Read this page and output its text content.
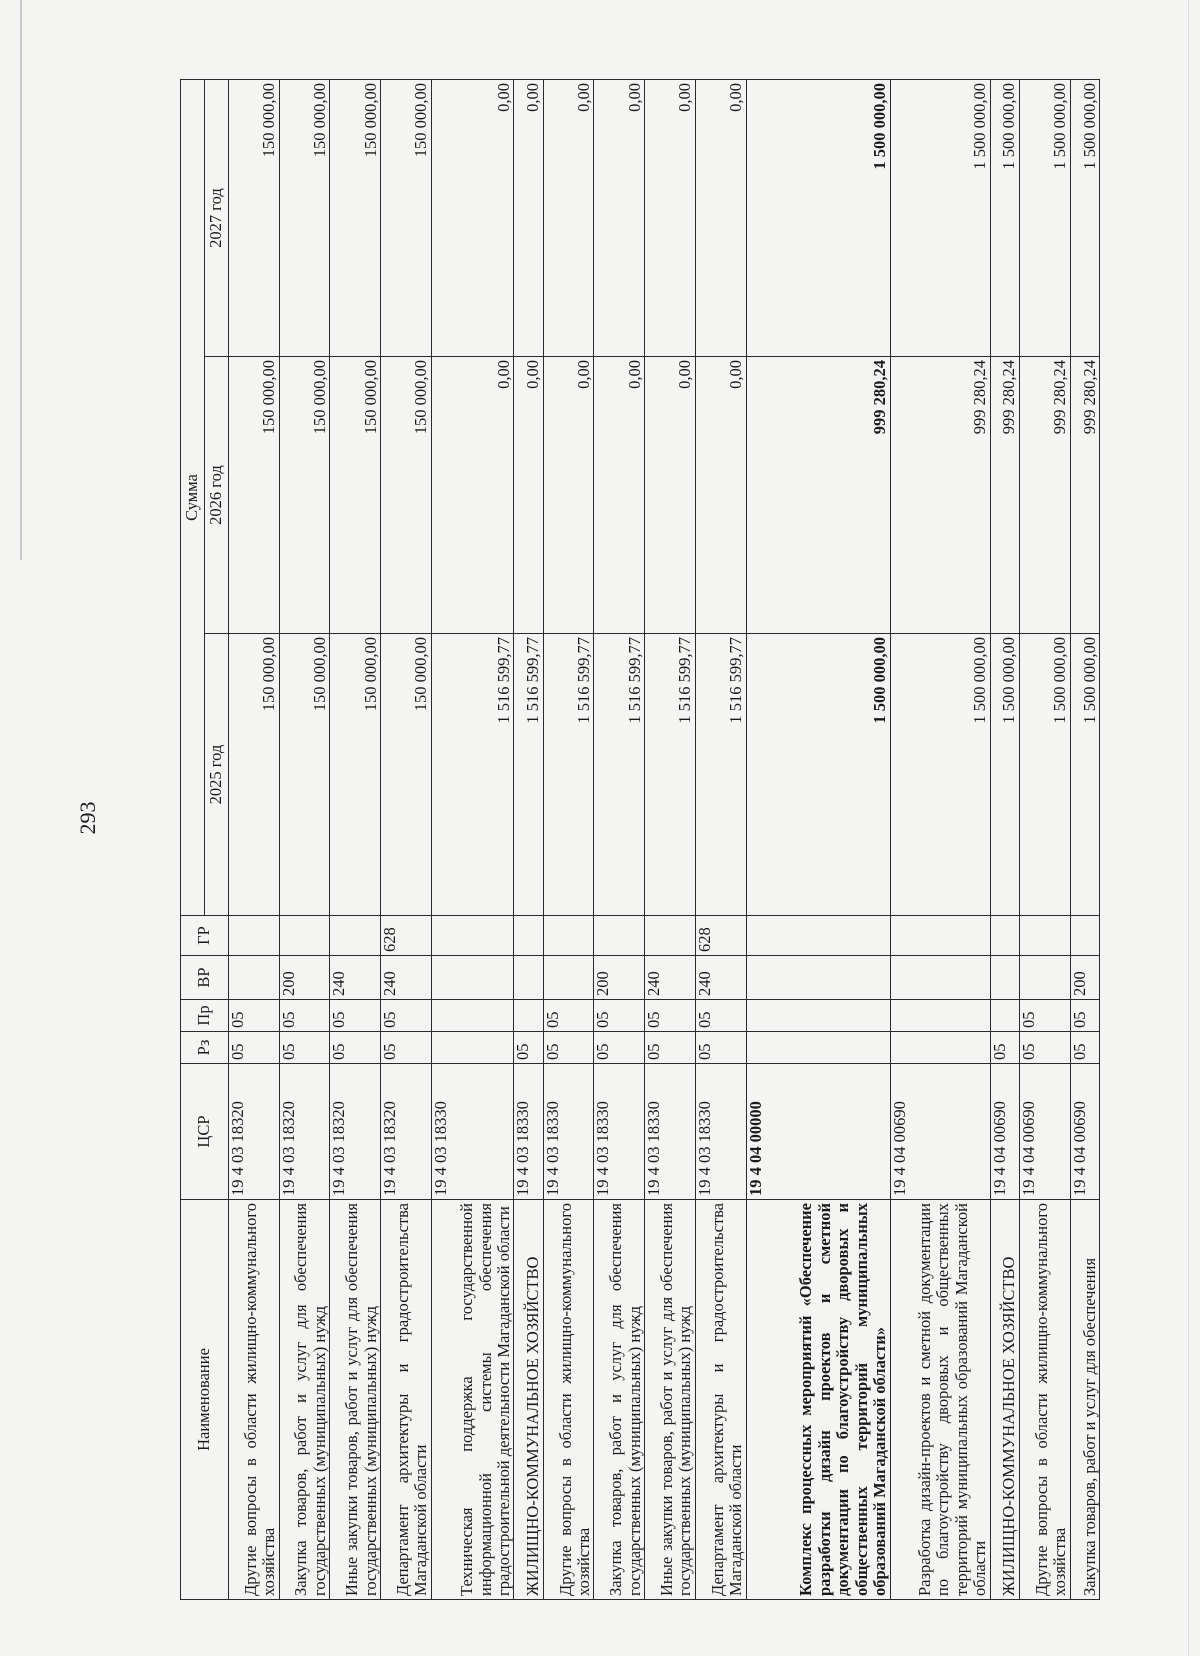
293
Наименование	ЦСР	Рз	Пр	ВР	ГР	Сумма		
						2025 год	2026 год	2027 год
Другие вопросы в области жилищно-коммунального хозяйства	19 4 03 18320	05	05			150 000,00	150 000,00	150 000,00
Закупка товаров, работ и услуг для обеспечения государственных (муниципальных) нужд	19 4 03 18320	05	05	200		150 000,00	150 000,00	150 000,00
Иные закупки товаров, работ и услуг для обеспечения государственных (муниципальных) нужд	19 4 03 18320	05	05	240		150 000,00	150 000,00	150 000,00
Департамент архитектуры и градостроительства Магаданской области	19 4 03 18320	05	05	240	628	150 000,00	150 000,00	150 000,00
Техническая поддержка государственной информационной системы обеспечения градостроительной деятельности Магаданской области	19 4 03 18330					1 516 599,77	0,00	0,00
ЖИЛИЩНО-КОММУНАЛЬНОЕ ХОЗЯЙСТВО	19 4 03 18330	05				1 516 599,77	0,00	0,00
Другие вопросы в области жилищно-коммунального хозяйства	19 4 03 18330	05	05			1 516 599,77	0,00	0,00
Закупка товаров, работ и услуг для обеспечения государственных (муниципальных) нужд	19 4 03 18330	05	05	200		1 516 599,77	0,00	0,00
Иные закупки товаров, работ и услуг для обеспечения государственных (муниципальных) нужд	19 4 03 18330	05	05	240		1 516 599,77	0,00	0,00
Департамент архитектуры и градостроительства Магаданской области	19 4 03 18330	05	05	240	628	1 516 599,77	0,00	0,00
Комплекс процессных мероприятий «Обеспечение разработки дизайн проектов и сметной документации по благоустройству дворовых и общественных территорий муниципальных образований Магаданской области»	19 4 04 00000					1 500 000,00	999 280,24	1 500 000,00
Разработка дизайн-проектов и сметной документации по благоустройству дворовых и общественных территорий муниципальных образований Магаданской области	19 4 04 00690					1 500 000,00	999 280,24	1 500 000,00
ЖИЛИЩНО-КОММУНАЛЬНОЕ ХОЗЯЙСТВО	19 4 04 00690	05				1 500 000,00	999 280,24	1 500 000,00
Другие вопросы в области жилищно-коммунального хозяйства	19 4 04 00690	05	05			1 500 000,00	999 280,24	1 500 000,00
Закупка товаров, работ и услуг для обеспечения	19 4 04 00690	05	05	200		1 500 000,00	999 280,24	1 500 000,00
